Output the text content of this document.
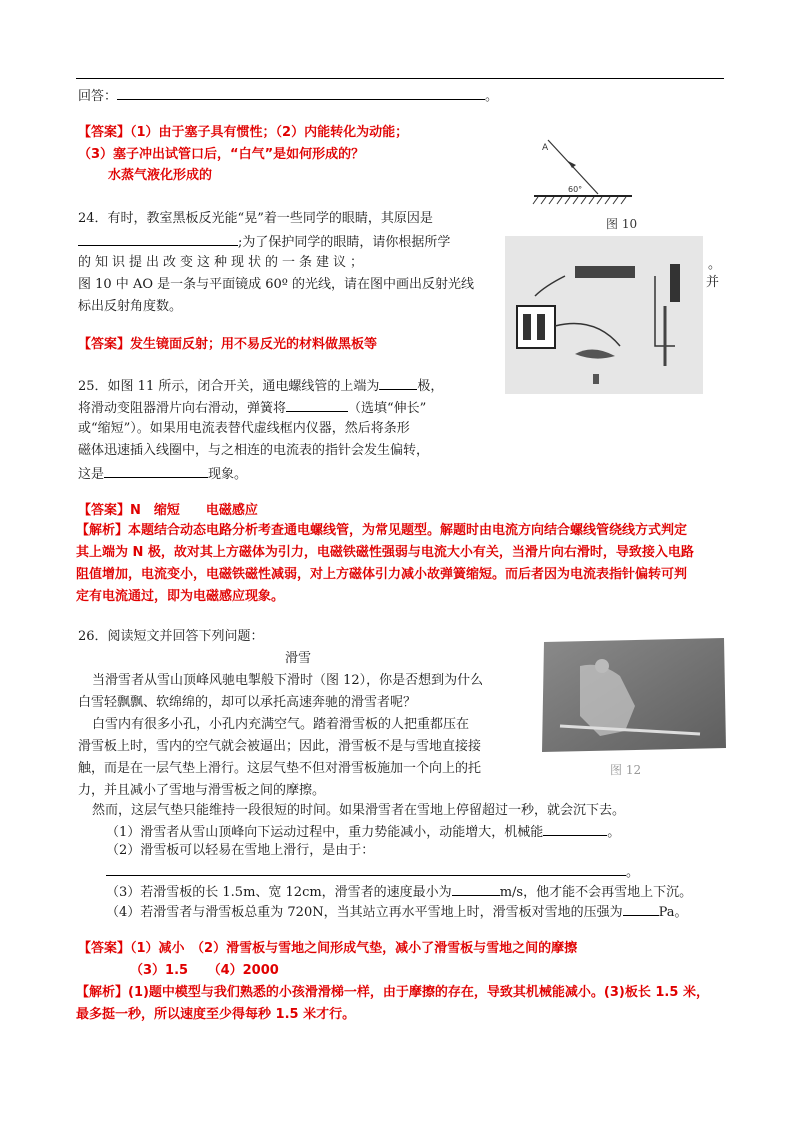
回答：	。
【答案】（1）由于塞子具有惯性；（2）内能转化为动能；
（3）塞子冲出试管口后，“白气”是如何形成的？
水蒸气液化形成的
A
60°
图 10
。
并
24．有时，教室黑板反光能“晃”着一些同学的眼睛，其原因是
;为了保护同学的眼睛，请你根据所学
的知识提出改变这种现状的一条建议；
图 10 中 AO 是一条与平面镜成 60º 的光线，请在图中画出反射光线
标出反射角度数。
【答案】发生镜面反射；用不易反光的材料做黑板等
25．如图 11 所示，闭合开关，通电螺线管的上端为	极，
将滑动变阻器滑片向右滑动，弹簧将	（选填“伸长”
或“缩短”）。如果用电流表替代虚线框内仪器，然后将条形
磁体迅速插入线圈中，与之相连的电流表的指针会发生偏转，
这是	现象。
【答案】N　缩短　　电磁感应
【解析】本题结合动态电路分析考查通电螺线管，为常见题型。解题时由电流方向结合螺线管绕线方式判定
其上端为 N 极，故对其上方磁体为引力，电磁铁磁性强弱与电流大小有关，当滑片向右滑时，导致接入电路
阻值增加，电流变小，电磁铁磁性减弱，对上方磁体引力减小故弹簧缩短。而后者因为电流表指针偏转可判
定有电流通过，即为电磁感应现象。
26．阅读短文并回答下列问题：
滑雪
图 12
当滑雪者从雪山顶峰风驰电掣般下滑时（图 12），你是否想到为什么
白雪轻飘飘、软绵绵的，却可以承托高速奔驰的滑雪者呢？
白雪内有很多小孔，小孔内充满空气。踏着滑雪板的人把重都压在
滑雪板上时，雪内的空气就会被逼出；因此，滑雪板不是与雪地直接接
触，而是在一层气垫上滑行。这层气垫不但对滑雪板施加一个向上的托
力，并且减小了雪地与滑雪板之间的摩擦。
然而，这层气垫只能维持一段很短的时间。如果滑雪者在雪地上停留超过一秒，就会沉下去。
（1）滑雪者从雪山顶峰向下运动过程中，重力势能减小，动能增大，机械能	。
（2）滑雪板可以轻易在雪地上滑行，是由于：
。
（3）若滑雪板的长 1.5m、宽 12cm，滑雪者的速度最小为	m/s，他才能不会再雪地上下沉。
（4）若滑雪者与滑雪板总重为 720N，当其站立再水平雪地上时，滑雪板对雪地的压强为	Pa。
【答案】（1）减小　（2）滑雪板与雪地之间形成气垫，减小了滑雪板与雪地之间的摩擦
（3）1.5　　（4）2000
【解析】(1)题中模型与我们熟悉的小孩滑滑梯一样，由于摩擦的存在，导致其机械能减小。(3)板长 1.5 米，
最多挺一秒，所以速度至少得每秒 1.5 米才行。
